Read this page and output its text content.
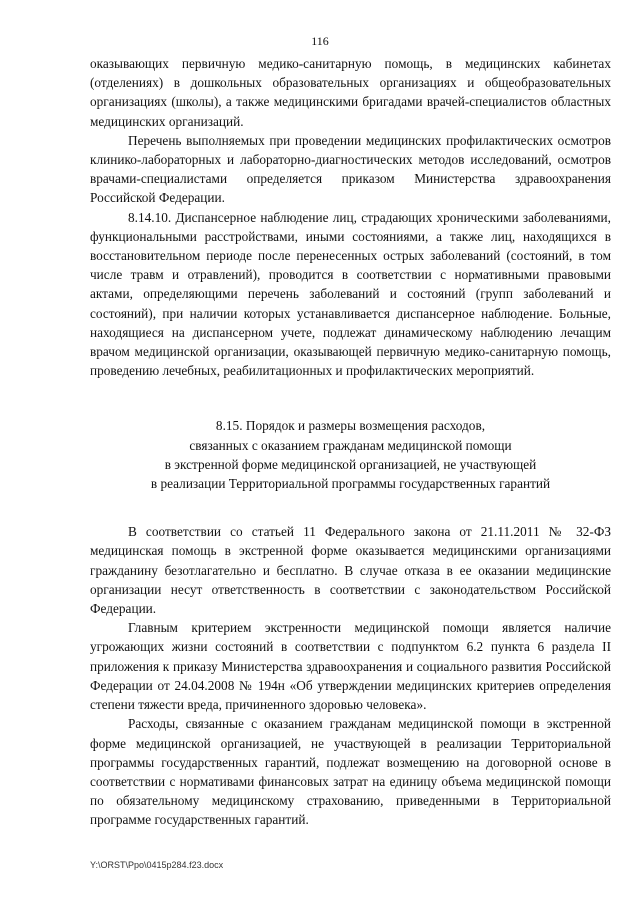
116

оказывающих первичную медико-санитарную помощь, в медицинских кабинетах (отделениях) в дошкольных образовательных организациях и общеобразовательных организациях (школы), а также медицинскими бригадами врачей-специалистов областных медицинских организаций.

Перечень выполняемых при проведении медицинских профилактических осмотров клинико-лабораторных и лабораторно-диагностических методов исследований, осмотров врачами-специалистами определяется приказом Министерства здравоохранения Российской Федерации.

8.14.10. Диспансерное наблюдение лиц, страдающих хроническими заболеваниями, функциональными расстройствами, иными состояниями, а также лиц, находящихся в восстановительном периоде после перенесенных острых заболеваний (состояний, в том числе травм и отравлений), проводится в соответствии с нормативными правовыми актами, определяющими перечень заболеваний и состояний (групп заболеваний и состояний), при наличии которых устанавливается диспансерное наблюдение. Больные, находящиеся на диспансерном учете, подлежат динамическому наблюдению лечащим врачом медицинской организации, оказывающей первичную медико-санитарную помощь, проведению лечебных, реабилитационных и профилактических мероприятий.

8.15. Порядок и размеры возмещения расходов,
связанных с оказанием гражданам медицинской помощи
в экстренной форме медицинской организацией, не участвующей
в реализации Территориальной программы государственных гарантий

В соответствии со статьей 11 Федерального закона от 21.11.2011 № 32-ФЗ медицинская помощь в экстренной форме оказывается медицинскими организациями гражданину безотлагательно и бесплатно. В случае отказа в ее оказании медицинские организации несут ответственность в соответствии с законодательством Российской Федерации.

Главным критерием экстренности медицинской помощи является наличие угрожающих жизни состояний в соответствии с подпунктом 6.2 пункта 6 раздела II приложения к приказу Министерства здравоохранения и социального развития Российской Федерации от 24.04.2008 № 194н «Об утверждении медицинских критериев определения степени тяжести вреда, причиненного здоровью человека».

Расходы, связанные с оказанием гражданам медицинской помощи в экстренной форме медицинской организацией, не участвующей в реализации Территориальной программы государственных гарантий, подлежат возмещению на договорной основе в соответствии с нормативами финансовых затрат на единицу объема медицинской помощи по обязательному медицинскому страхованию, приведенными в Территориальной программе государственных гарантий.

Y:\ORST\Ppo\0415p284.f23.docx
